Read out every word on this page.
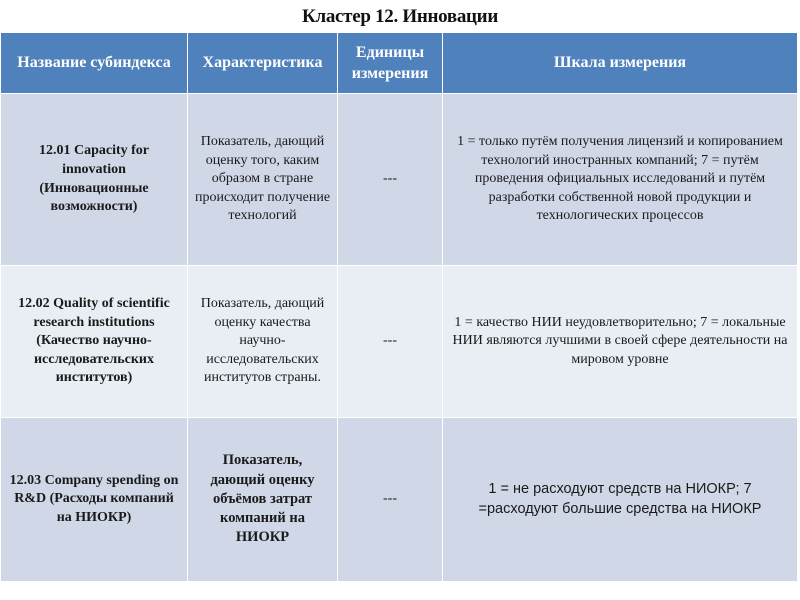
Кластер 12. Инновации
Название субиндекса	Характеристика	Единицы измерения	Шкала измерения
12.01 Capacity for innovation (Инновационные возможности)	Показатель, дающий оценку того, каким образом в стране происходит получение технологий	---	1 = только путём получения лицензий и копированием технологий иностранных компаний; 7 = путём проведения официальных исследований и путём разработки собственной новой продукции и технологических процессов
12.02 Quality of scientific research institutions (Качество научно-исследовательских институтов)	Показатель, дающий оценку качества научно-исследовательских институтов страны.	---	1 = качество НИИ неудовлетворительно; 7 = локальные НИИ являются лучшими в своей сфере деятельности на мировом уровне
12.03 Company spending on R&D (Расходы компаний на НИОКР)	Показатель, дающий оценку объёмов затрат компаний на НИОКР	---	1 = не расходуют средств на НИОКР; 7 =расходуют большие средства на НИОКР
